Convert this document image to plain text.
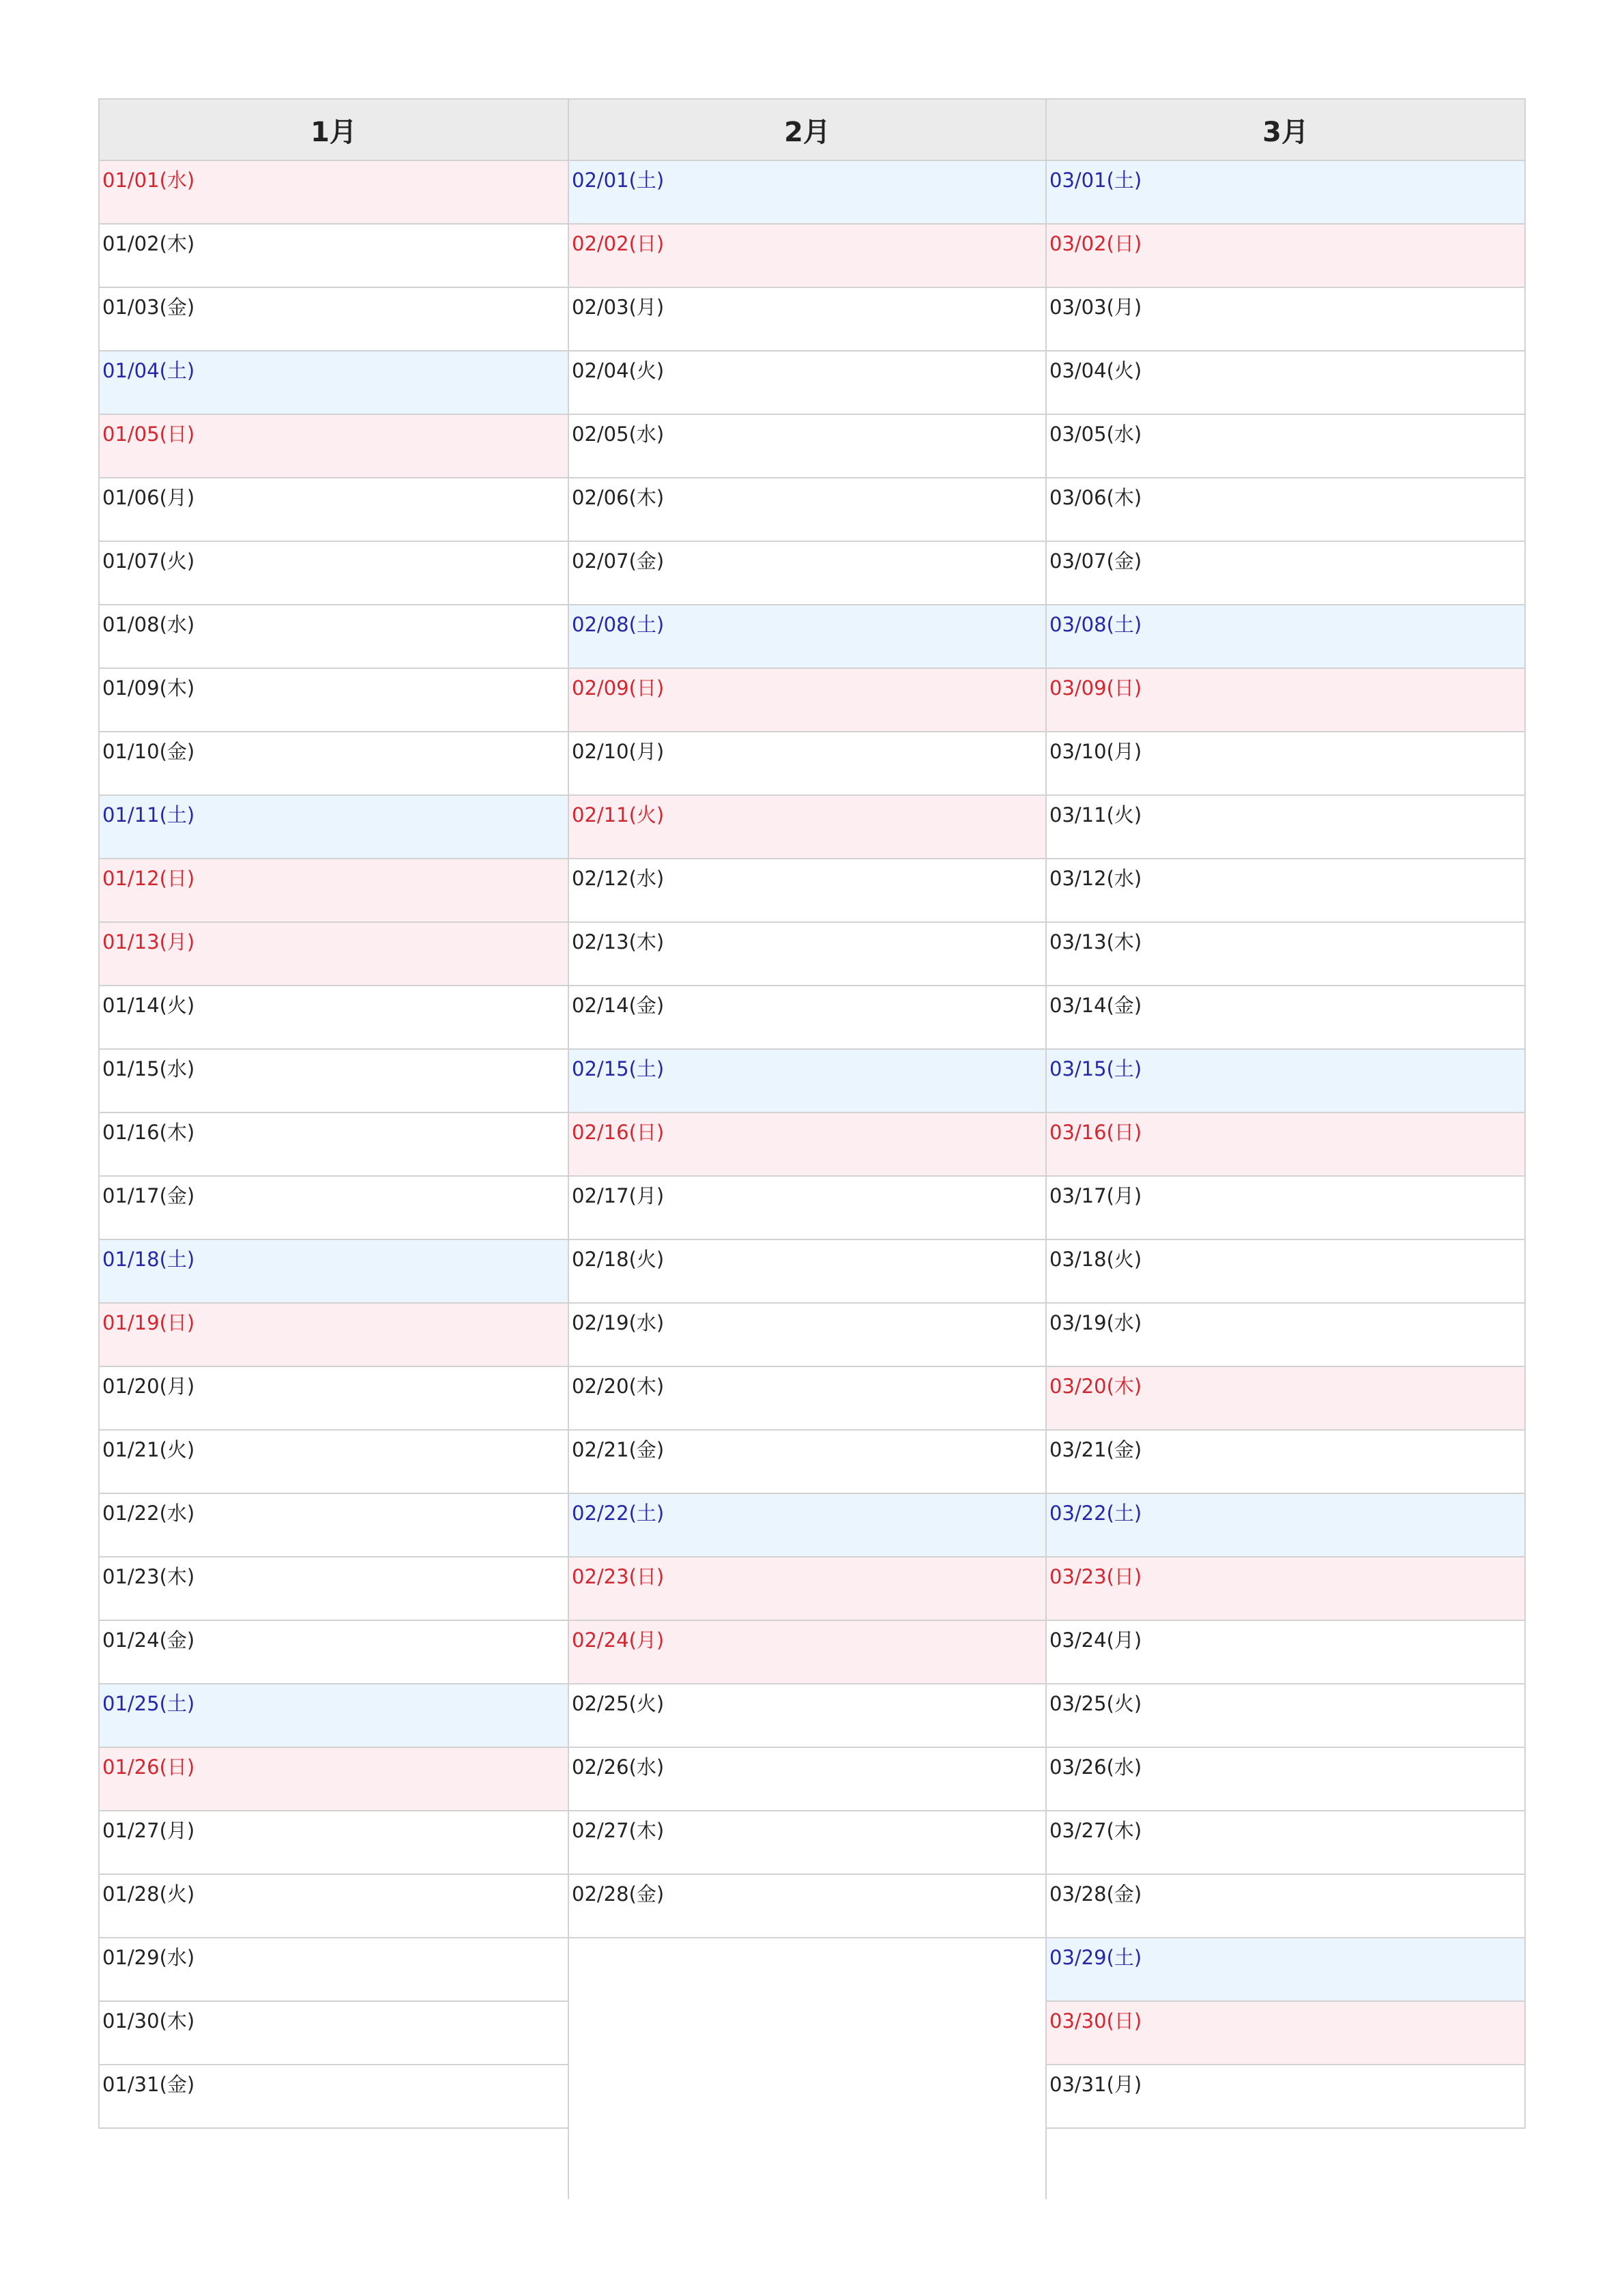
1月	2月	3月
01/01(水)
01/02(木)
01/03(金)
01/04(土)
01/05(日)
01/06(月)
01/07(火)
01/08(水)
01/09(木)
01/10(金)
01/11(土)
01/12(日)
01/13(月)
01/14(火)
01/15(水)
01/16(木)
01/17(金)
01/18(土)
01/19(日)
01/20(月)
01/21(火)
01/22(水)
01/23(木)
01/24(金)
01/25(土)
01/26(日)
01/27(月)
01/28(火)
01/29(水)
01/30(木)
01/31(金)
02/01(土)
02/02(日)
02/03(月)
02/04(火)
02/05(水)
02/06(木)
02/07(金)
02/08(土)
02/09(日)
02/10(月)
02/11(火)
02/12(水)
02/13(木)
02/14(金)
02/15(土)
02/16(日)
02/17(月)
02/18(火)
02/19(水)
02/20(木)
02/21(金)
02/22(土)
02/23(日)
02/24(月)
02/25(火)
02/26(水)
02/27(木)
02/28(金)
03/01(土)
03/02(日)
03/03(月)
03/04(火)
03/05(水)
03/06(木)
03/07(金)
03/08(土)
03/09(日)
03/10(月)
03/11(火)
03/12(水)
03/13(木)
03/14(金)
03/15(土)
03/16(日)
03/17(月)
03/18(火)
03/19(水)
03/20(木)
03/21(金)
03/22(土)
03/23(日)
03/24(月)
03/25(火)
03/26(水)
03/27(木)
03/28(金)
03/29(土)
03/30(日)
03/31(月)
